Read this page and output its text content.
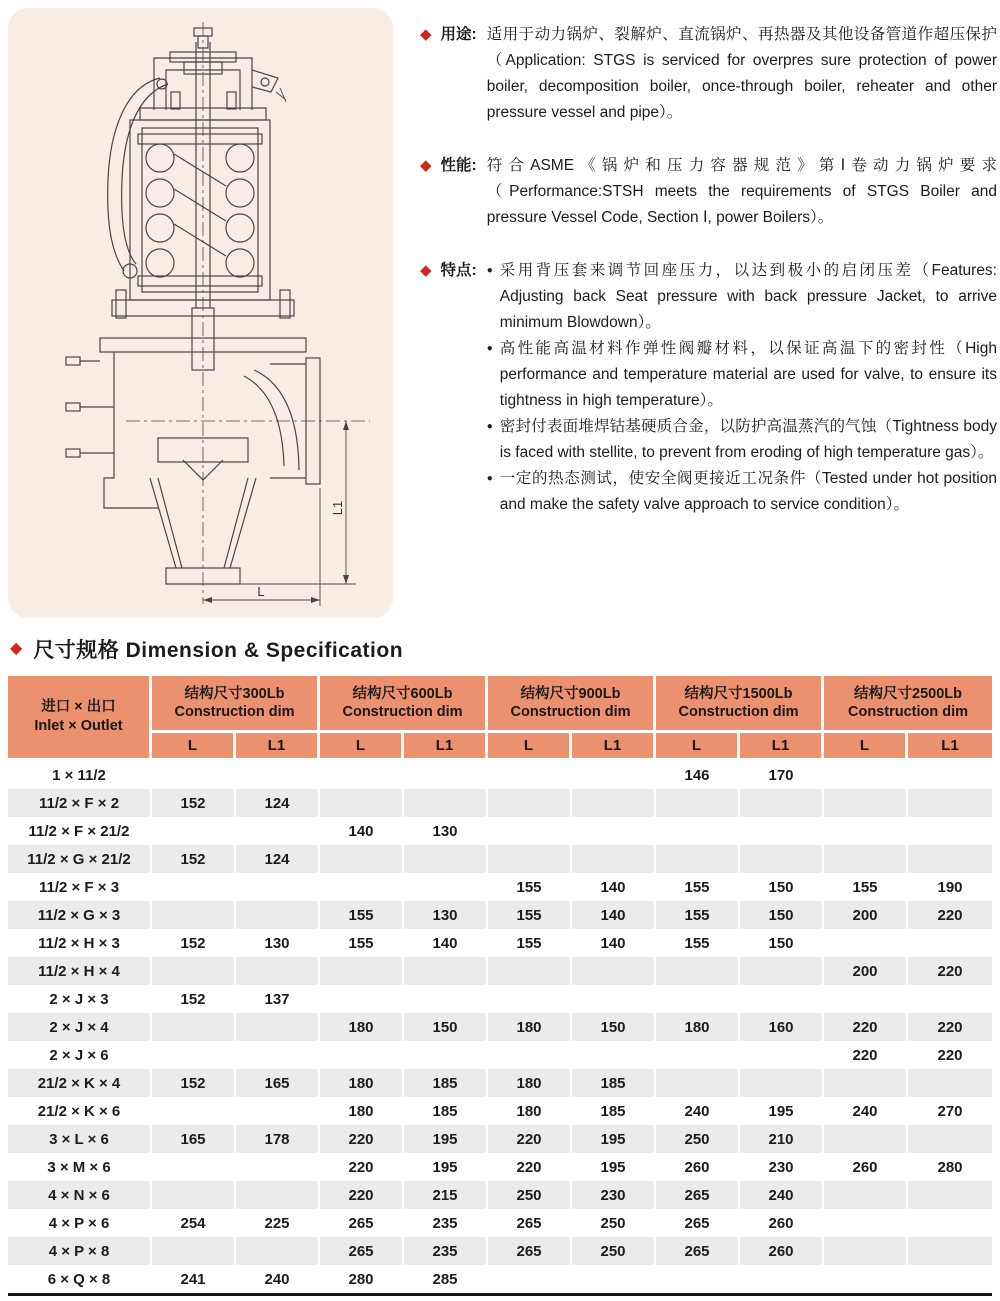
L1
L
◆ 用途: 适用于动力锅炉、裂解炉、直流锅炉、再热器及其他设备管道作超压保护（Application: STGS is serviced for overpres sure protection of power boiler, decomposition boiler, once-through boiler, reheater and other pressure vessel and pipe）。
◆ 性能: 符合ASME《锅炉和压力容器规范》第Ⅰ卷动力锅炉要求（Performance:STSH meets the requirements of STGS Boiler and pressure Vessel Code, Section Ⅰ, power Boilers）。
◆ 特点: ● 采用背压套来调节回座压力，以达到极小的启闭压差（Features: Adjusting back Seat pressure with back pressure Jacket, to arrive minimum Blowdown）。
● 高性能高温材料作弹性阀瓣材料，以保证高温下的密封性（High performance and temperature material are used for valve, to ensure its tightness in high temperature）。
● 密封付表面堆焊钴基硬质合金，以防护高温蒸汽的气蚀（Tightness body is faced with stellite, to prevent from eroding of high temperature gas）。
● 一定的热态测试，使安全阀更接近工况条件（Tested under hot position and make the safety valve approach to service condition）。
◆ 尺寸规格 Dimension & Specification
进口 × 出口
Inlet × Outlet

结构尺寸300Lb
Construction dim

结构尺寸600Lb
Construction dim

结构尺寸900Lb
Construction dim

结构尺寸1500Lb
Construction dim

结构尺寸2500Lb
Construction dim

	L	L1	L	L1	L	L1	L	L1	L	L1
1 × 11/2							146	170		
11/2 × F × 2	152	124								
11/2 × F × 21/2			140	130						
11/2 × G × 21/2	152	124								
11/2 × F × 3					155	140	155	150	155	190
11/2 × G × 3			155	130	155	140	155	150	200	220
11/2 × H × 3	152	130	155	140	155	140	155	150		
11/2 × H × 4									200	220
2 × J × 3	152	137								
2 × J × 4			180	150	180	150	180	160	220	220
2 × J × 6									220	220
21/2 × K × 4	152	165	180	185	180	185				
21/2 × K × 6			180	185	180	185	240	195	240	270
3 × L × 6	165	178	220	195	220	195	250	210		
3 × M × 6			220	195	220	195	260	230	260	280
4 × N × 6			220	215	250	230	265	240		
4 × P × 6	254	225	265	235	265	250	265	260		
4 × P × 8			265	235	265	250	265	260		
6 × Q × 8	241	240	280	285						
